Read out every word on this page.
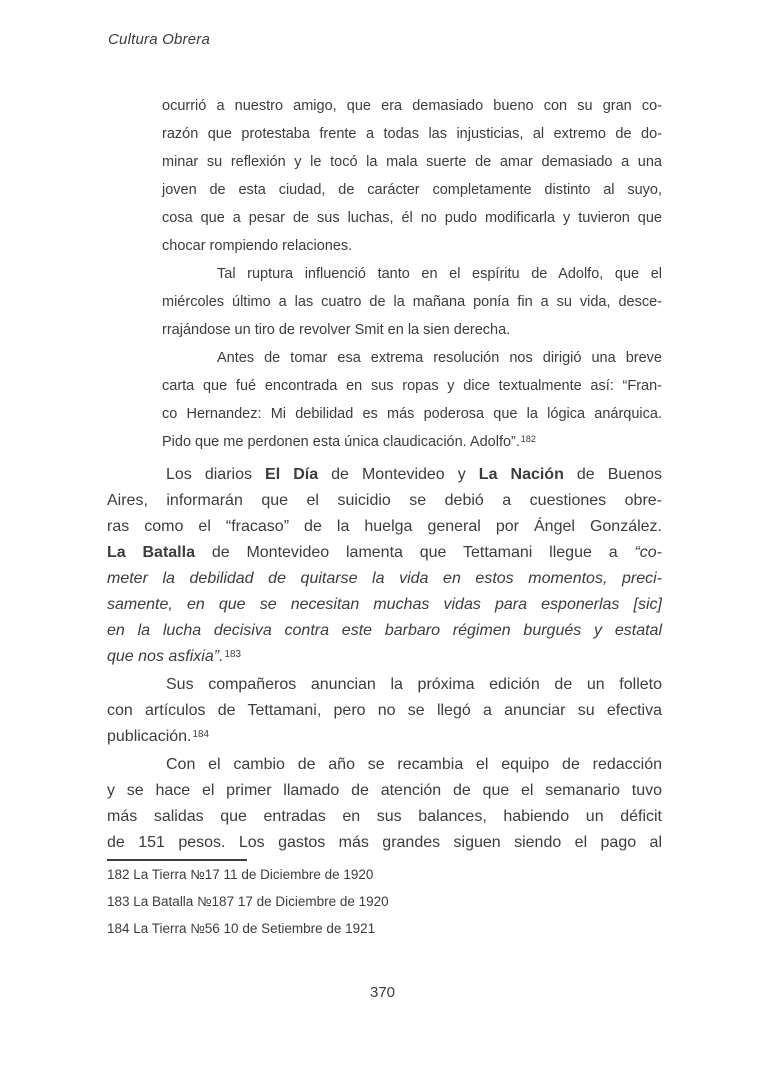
Cultura Obrera
ocurrió a nuestro amigo, que era demasiado bueno con su gran co-
razón que protestaba frente a todas las injusticias, al extremo de do-
minar su reflexión y le tocó la mala suerte de amar demasiado a una
joven de esta ciudad, de carácter completamente distinto al suyo,
cosa que a pesar de sus luchas, él no pudo modificarla y tuvieron que
chocar rompiendo relaciones.
Tal ruptura influenció tanto en el espíritu de Adolfo, que el
miércoles último a las cuatro de la mañana ponía fin a su vida, desce-
rrajándose un tiro de revolver Smit en la sien derecha.
Antes de tomar esa extrema resolución nos dirigió una breve
carta que fué encontrada en sus ropas y dice textualmente así: “Fran-
co Hernandez: Mi debilidad es más poderosa que la lógica anárquica.
Pido que me perdonen esta única claudicación. Adolfo”.$^{182}$
Los diarios El Día de Montevideo y La Nación de Buenos
Aires, informarán que el suicidio se debió a cuestiones obre-
ras como el “fracaso” de la huelga general por Ángel González.
La Batalla de Montevideo lamenta que Tettamani llegue a “co-
meter la debilidad de quitarse la vida en estos momentos, preci-
samente, en que se necesitan muchas vidas para esponerlas [sic]
en la lucha decisiva contra este barbaro régimen burgués y estatal
que nos asfixia”.$^{183}$
Sus compañeros anuncian la próxima edición de un folleto
con artículos de Tettamani, pero no se llegó a anunciar su efectiva
publicación.$^{184}$
Con el cambio de año se recambia el equipo de redacción
y se hace el primer llamado de atención de que el semanario tuvo
más salidas que entradas en sus balances, habiendo un déficit
de 151 pesos. Los gastos más grandes siguen siendo el pago al
182 La Tierra №17 11 de Diciembre de 1920
183 La Batalla №187 17 de Diciembre de 1920
184 La Tierra №56 10 de Setiembre de 1921
370
